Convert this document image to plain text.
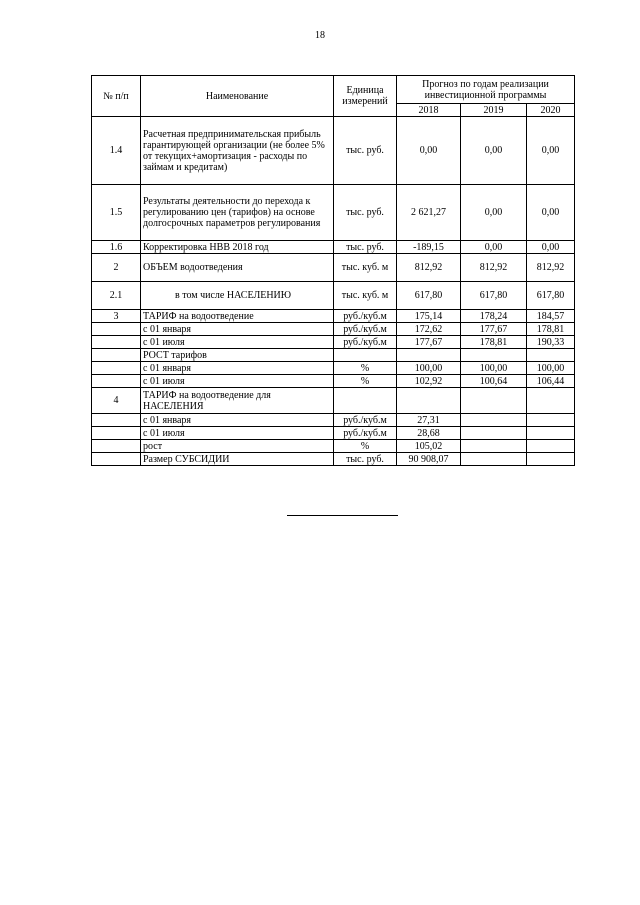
18
№ п/п	Наименование	Единица измерений	Прогноз по годам реализации инвестиционной программы		
			2018	2019	2020
1.4	Расчетная предпринимательская прибыль гарантирующей организации (не более 5% от текущих+амортизация - расходы по займам и кредитам)	тыс. руб.	0,00	0,00	0,00
1.5	Результаты деятельности до перехода к регулированию цен (тарифов) на основе долгосрочных параметров регулирования	тыс. руб.	2 621,27	0,00	0,00
1.6	Корректировка НВВ 2018 год	тыс. руб.	-189,15	0,00	0,00
2	ОБЪЕМ водоотведения	тыс. куб. м	812,92	812,92	812,92
2.1	в том числе НАСЕЛЕНИЮ	тыс. куб. м	617,80	617,80	617,80
3	ТАРИФ на водоотведение	руб./куб.м	175,14	178,24	184,57
	с 01 января	руб./куб.м	172,62	177,67	178,81
	с 01 июля	руб./куб.м	177,67	178,81	190,33
	РОСТ тарифов				
	с 01 января	%	100,00	100,00	100,00
	с 01 июля	%	102,92	100,64	106,44
4	ТАРИФ на водоотведение для НАСЕЛЕНИЯ				
	с 01 января	руб./куб.м	27,31		
	с 01 июля	руб./куб.м	28,68		
	рост	%	105,02		
	Размер СУБСИДИИ	тыс. руб.	90 908,07		
